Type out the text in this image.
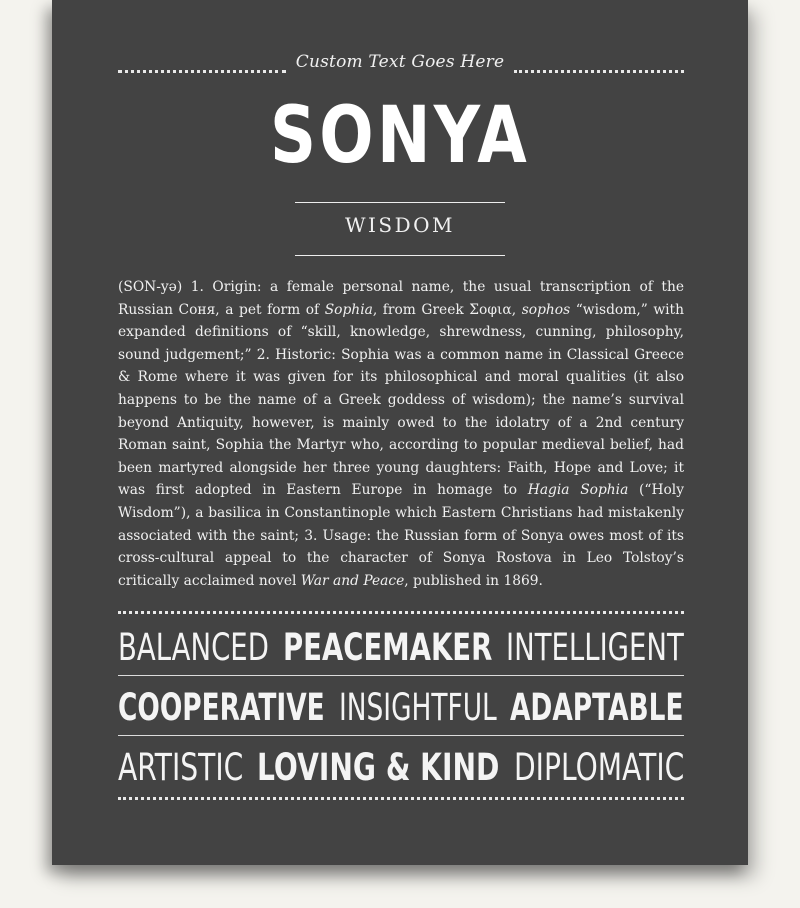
Custom Text Goes Here
SONYA
WISDOM
(SON-yə) 1. Origin: a female personal name, the usual transcription of the Russian Соня, a pet form of Sophia, from Greek Σοφια, sophos “wisdom,” with expanded definitions of “skill, knowledge, shrewdness, cunning, philosophy, sound judgement;” 2. Historic: Sophia was a common name in Classical Greece & Rome where it was given for its philosophical and moral qualities (it also happens to be the name of a Greek goddess of wisdom); the name’s survival beyond Antiquity, however, is mainly owed to the idolatry of a 2nd century Roman saint, Sophia the Martyr who, according to popular medieval belief, had been martyred alongside her three young daughters: Faith, Hope and Love; it was first adopted in Eastern Europe in homage to Hagia Sophia (“Holy Wisdom”), a basilica in Constantinople which Eastern Christians had mistakenly associated with the saint; 3. Usage: the Russian form of Sonya owes most of its cross-cultural appeal to the character of Sonya Rostova in Leo Tolstoy’s critically acclaimed novel War and Peace, published in 1869.
BALANCED PEACEMAKER INTELLIGENT
COOPERATIVE INSIGHTFUL ADAPTABLE
ARTISTIC LOVING & KIND DIPLOMATIC
